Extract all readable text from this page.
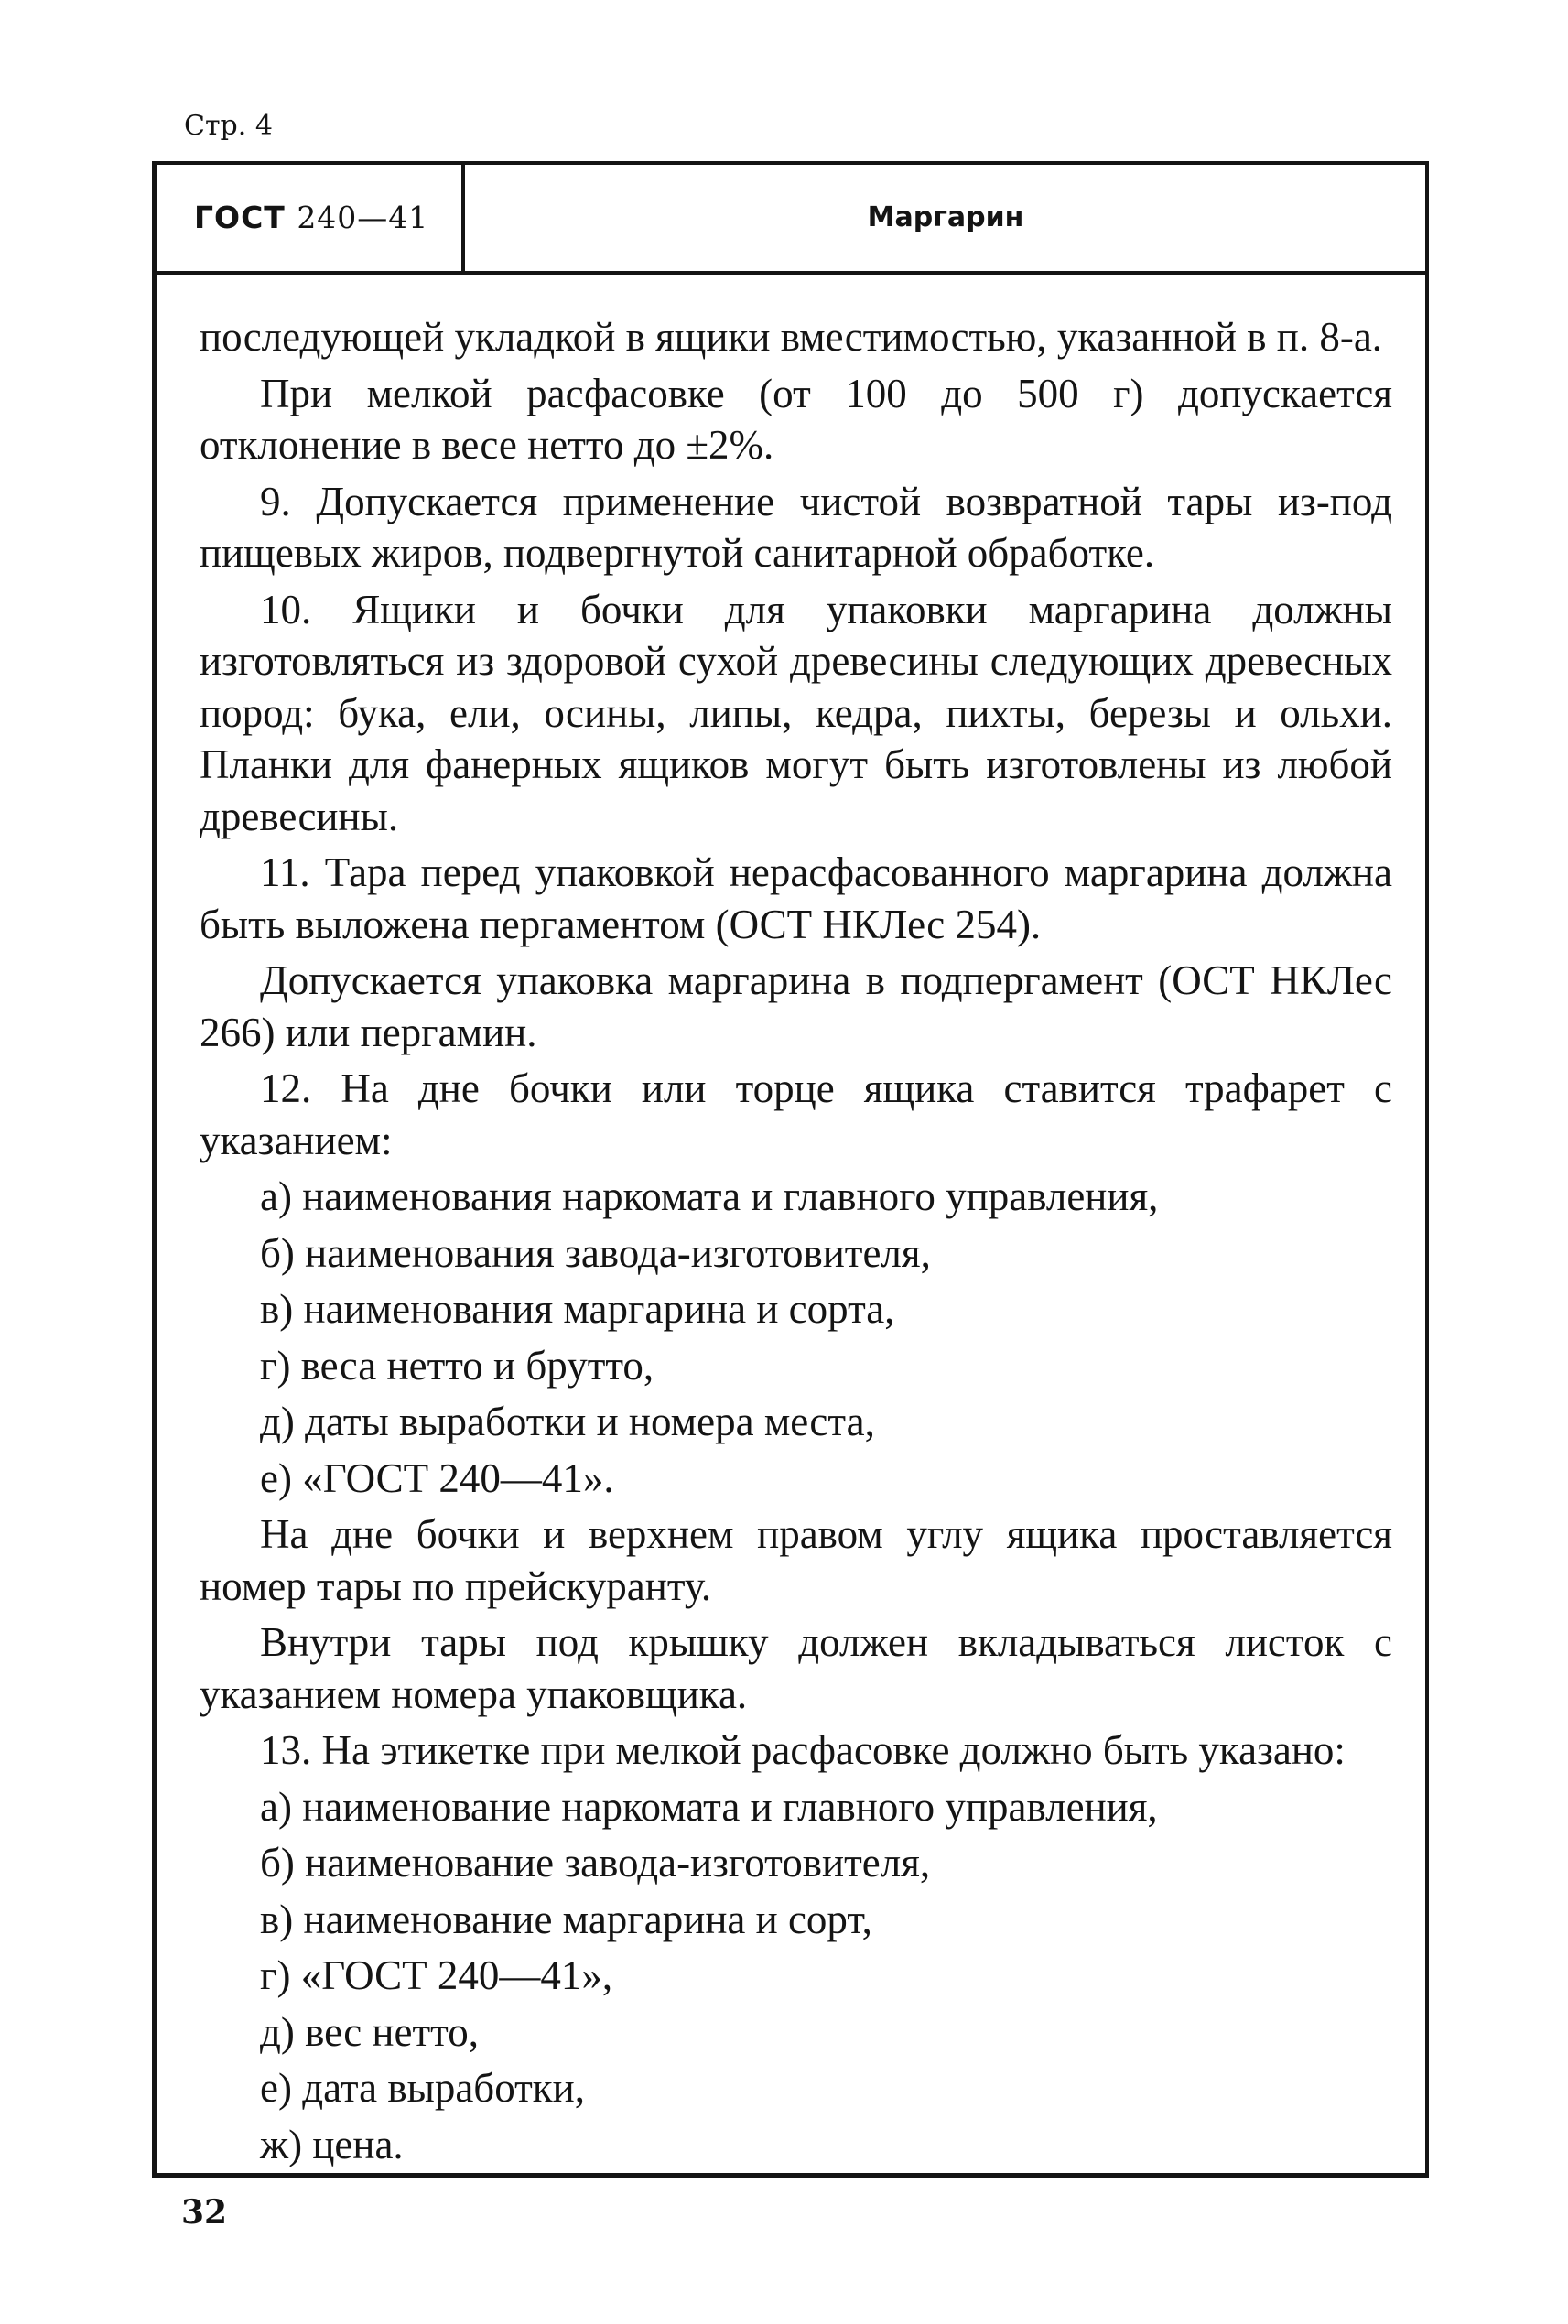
Стр. 4
ГОСТ 240—41	Маргарин

последующей укладкой в ящики вместимостью, указанной в п. 8-а.

При мелкой расфасовке (от 100 до 500 г) допускается отклонение в весе нетто до ±2%.

9. Допускается применение чистой возвратной тары из-под пищевых жиров, подвергнутой санитарной обработке.

10. Ящики и бочки для упаковки маргарина должны изготовляться из здоровой сухой древесины следующих древесных пород: бука, ели, осины, липы, кедра, пихты, березы и ольхи. Планки для фанерных ящиков могут быть изготовлены из любой древесины.

11. Тара перед упаковкой нерасфасованного маргарина должна быть выложена пергаментом (ОСТ НКЛес 254).

Допускается упаковка маргарина в подпергамент (ОСТ НКЛес 266) или пергамин.

12. На дне бочки или торце ящика ставится трафарет с указанием:

а) наименования наркомата и главного управления,

б) наименования завода-изготовителя,

в) наименования маргарина и сорта,

г) веса нетто и брутто,

д) даты выработки и номера места,

е) «ГОСТ 240—41».

На дне бочки и верхнем правом углу ящика проставляется номер тары по прейскуранту.

Внутри тары под крышку должен вкладываться листок с указанием номера упаковщика.

13. На этикетке при мелкой расфасовке должно быть указано:

а) наименование наркомата и главного управления,

б) наименование завода-изготовителя,

в) наименование маргарина и сорт,

г) «ГОСТ 240—41»,

д) вес нетто,

е) дата выработки,

ж) цена.

32
